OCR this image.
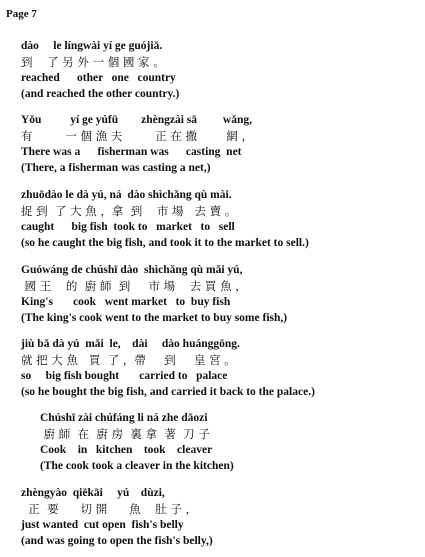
Page 7
dào     le língwài yí ge guójiā.
到    了 另 外 一 個 國 家 。
reached      other   one   country
(and reached the other country.)
Yǒu          yí ge yúfū        zhèngzài sā         wǎng,
有         一 個 漁 夫         正 在 撒        網 ，
There was a      fisherman was      casting  net
(There, a fisherman was casting a net,)
zhuōdào le dà yú, ná  dào shìchǎng qù mài.
捉 到  了 大 魚 ，拿  到    市 場   去 賣 。
caught      big fish  took to   market   to   sell
(so he caught the big fish, and took it to the market to sell.)
Guówáng de chúshī dào  shìchǎng qù mǎi yú,
國 王    的  廚 師  到     市 場    去 買 魚 ，
King's       cook   went market   to  buy fish
(The king's cook went to the market to buy some fish,)
jiù bǎ dà yú  mǎi  le,    dài     dào huánggōng.
就 把 大 魚   買  了 ，帶     到     皇 宮 。
so     big fish bought       carried to   palace
(so he bought the big fish, and carried it back to the palace.)
Chúshī zài chúfáng li ná zhe dāozi
廚 師  在  廚 房  裏 拿  著  刀 子
Cook    in   kitchen    took    cleaver
(The cook took a cleaver in the kitchen)
zhèngyào  qiēkāi     yú    dùzi,
正  要      切 開      魚    肚 子 ，
just wanted  cut open  fish's belly
(and was going to open the fish's belly,)
